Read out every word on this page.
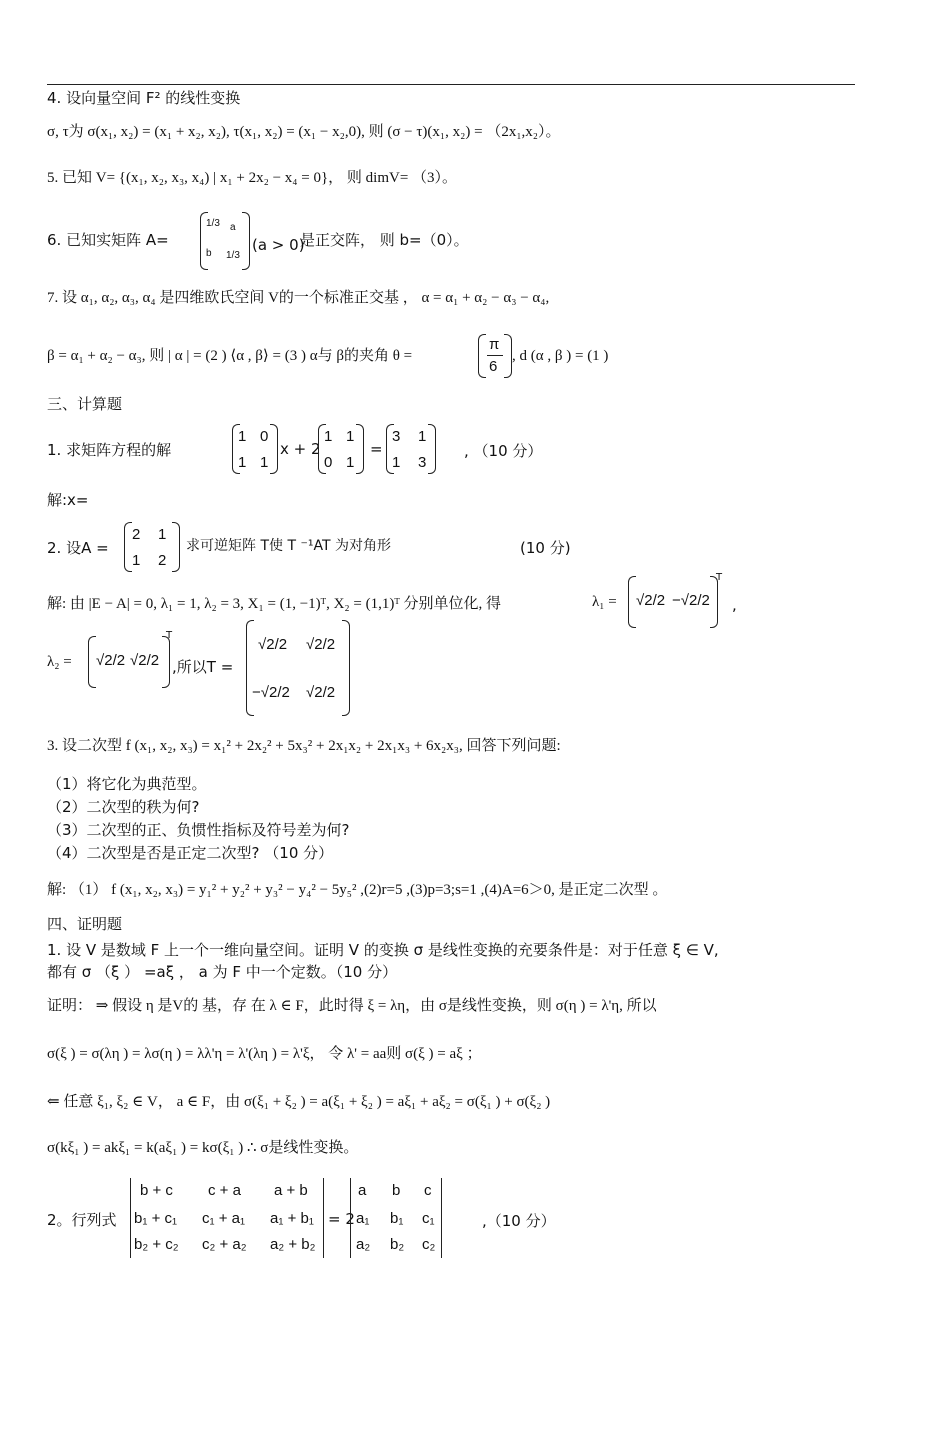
4. 设向量空间 F² 的线性变换
σ, τ为 σ(x₁, x₂) = (x₁ + x₂, x₂), τ(x₁, x₂) = (x₁ − x₂,0), 则 (σ − τ)(x₁, x₂) = （2x₁,x₂）。
5. 已知 V= {(x₁, x₂, x₃, x₄) | x₁ + 2x₂ − x₄ = 0}， 则 dimV= （3）。
6. 已知实矩阵 A=
1/3 a
b 1/3
(a > 0)
是正交阵， 则 b=（0）。
7. 设 α₁, α₂, α₃, α₄ 是四维欧氏空间 V的一个标准正交基 ， α = α₁ + α₂ − α₃ − α₄,
β = α₁ + α₂ − α₃, 则 | α | = (2 ) ⟨α , β⟩ = (3 ) α与 β的夹角 θ =
π
6
, d (α , β ) = (1 )
三、计算题
1. 求矩阵方程的解
1 0
1 1
x + 2
1 1
0 1
=
3 1
1 3
, （10 分）
解:x=
2. 设A =
2 1
1 2
求可逆矩阵 T使 T ⁻¹AT 为对角形	(10 分)
解: 由 |E − A| = 0, λ₁ = 1, λ₂ = 3, X₁ = (1, −1)ᵀ, X₂ = (1,1)ᵀ 分别单位化, 得	λ₁ = √2/2 −√2/2
T
,
λ₂ = √2/2 √2/2
T
,所以T =
√2/2 √2/2
−√2/2 √2/2
3. 设二次型 f (x₁, x₂, x₃) = x₁² + 2x₂² + 5x₃² + 2x₁x₂ + 2x₁x₃ + 6x₂x₃, 回答下列问题:
（1）将它化为典范型。
（2）二次型的秩为何?
（3）二次型的正、负惯性指标及符号差为何?
（4）二次型是否是正定二次型? （10 分）
解: （1） f (x₁, x₂, x₃) = y₁² + y₂² + y₃² − y₄² − 5y₅² ,(2)r=5 ,(3)p=3;s=1 ,(4)A=6＞0, 是正定二次型 。
四、证明题
1. 设 V 是数域 F 上一个一维向量空间。证明 V 的变换 σ 是线性变换的充要条件是：对于任意 ξ ∈ V,
都有 σ （ξ ） =aξ ， a 为 F 中一个定数。（10 分）
证明： ⇒ 假设 η 是V的 基，存 在 λ ∈ F，此时得 ξ = λη，由 σ是线性变换，则 σ(η ) = λ'η, 所以
σ(ξ ) = σ(λη ) = λσ(η ) = λλ'η = λ'(λη ) = λ'ξ， 令 λ' = aa则 σ(ξ ) = aξ ；
⇐ 任意 ξ₁, ξ₂ ∈ V， a ∈ F，由 σ(ξ₁ + ξ₂ ) = a(ξ₁ + ξ₂ ) = aξ₁ + aξ₂ = σ(ξ₁ ) + σ(ξ₂ )
σ(kξ₁ ) = akξ₁ = k(aξ₁ ) = kσ(ξ₁ ) ∴ σ是线性变换。
2。行列式
b + c c + a a + b
b₁ + c₁ c₁ + a₁ a₁ + b₁
b₂ + c₂ c₂ + a₂ a₂ + b₂
= 2
a b c
a₁ b₁ c₁
a₂ b₂ c₂
,（10 分）
